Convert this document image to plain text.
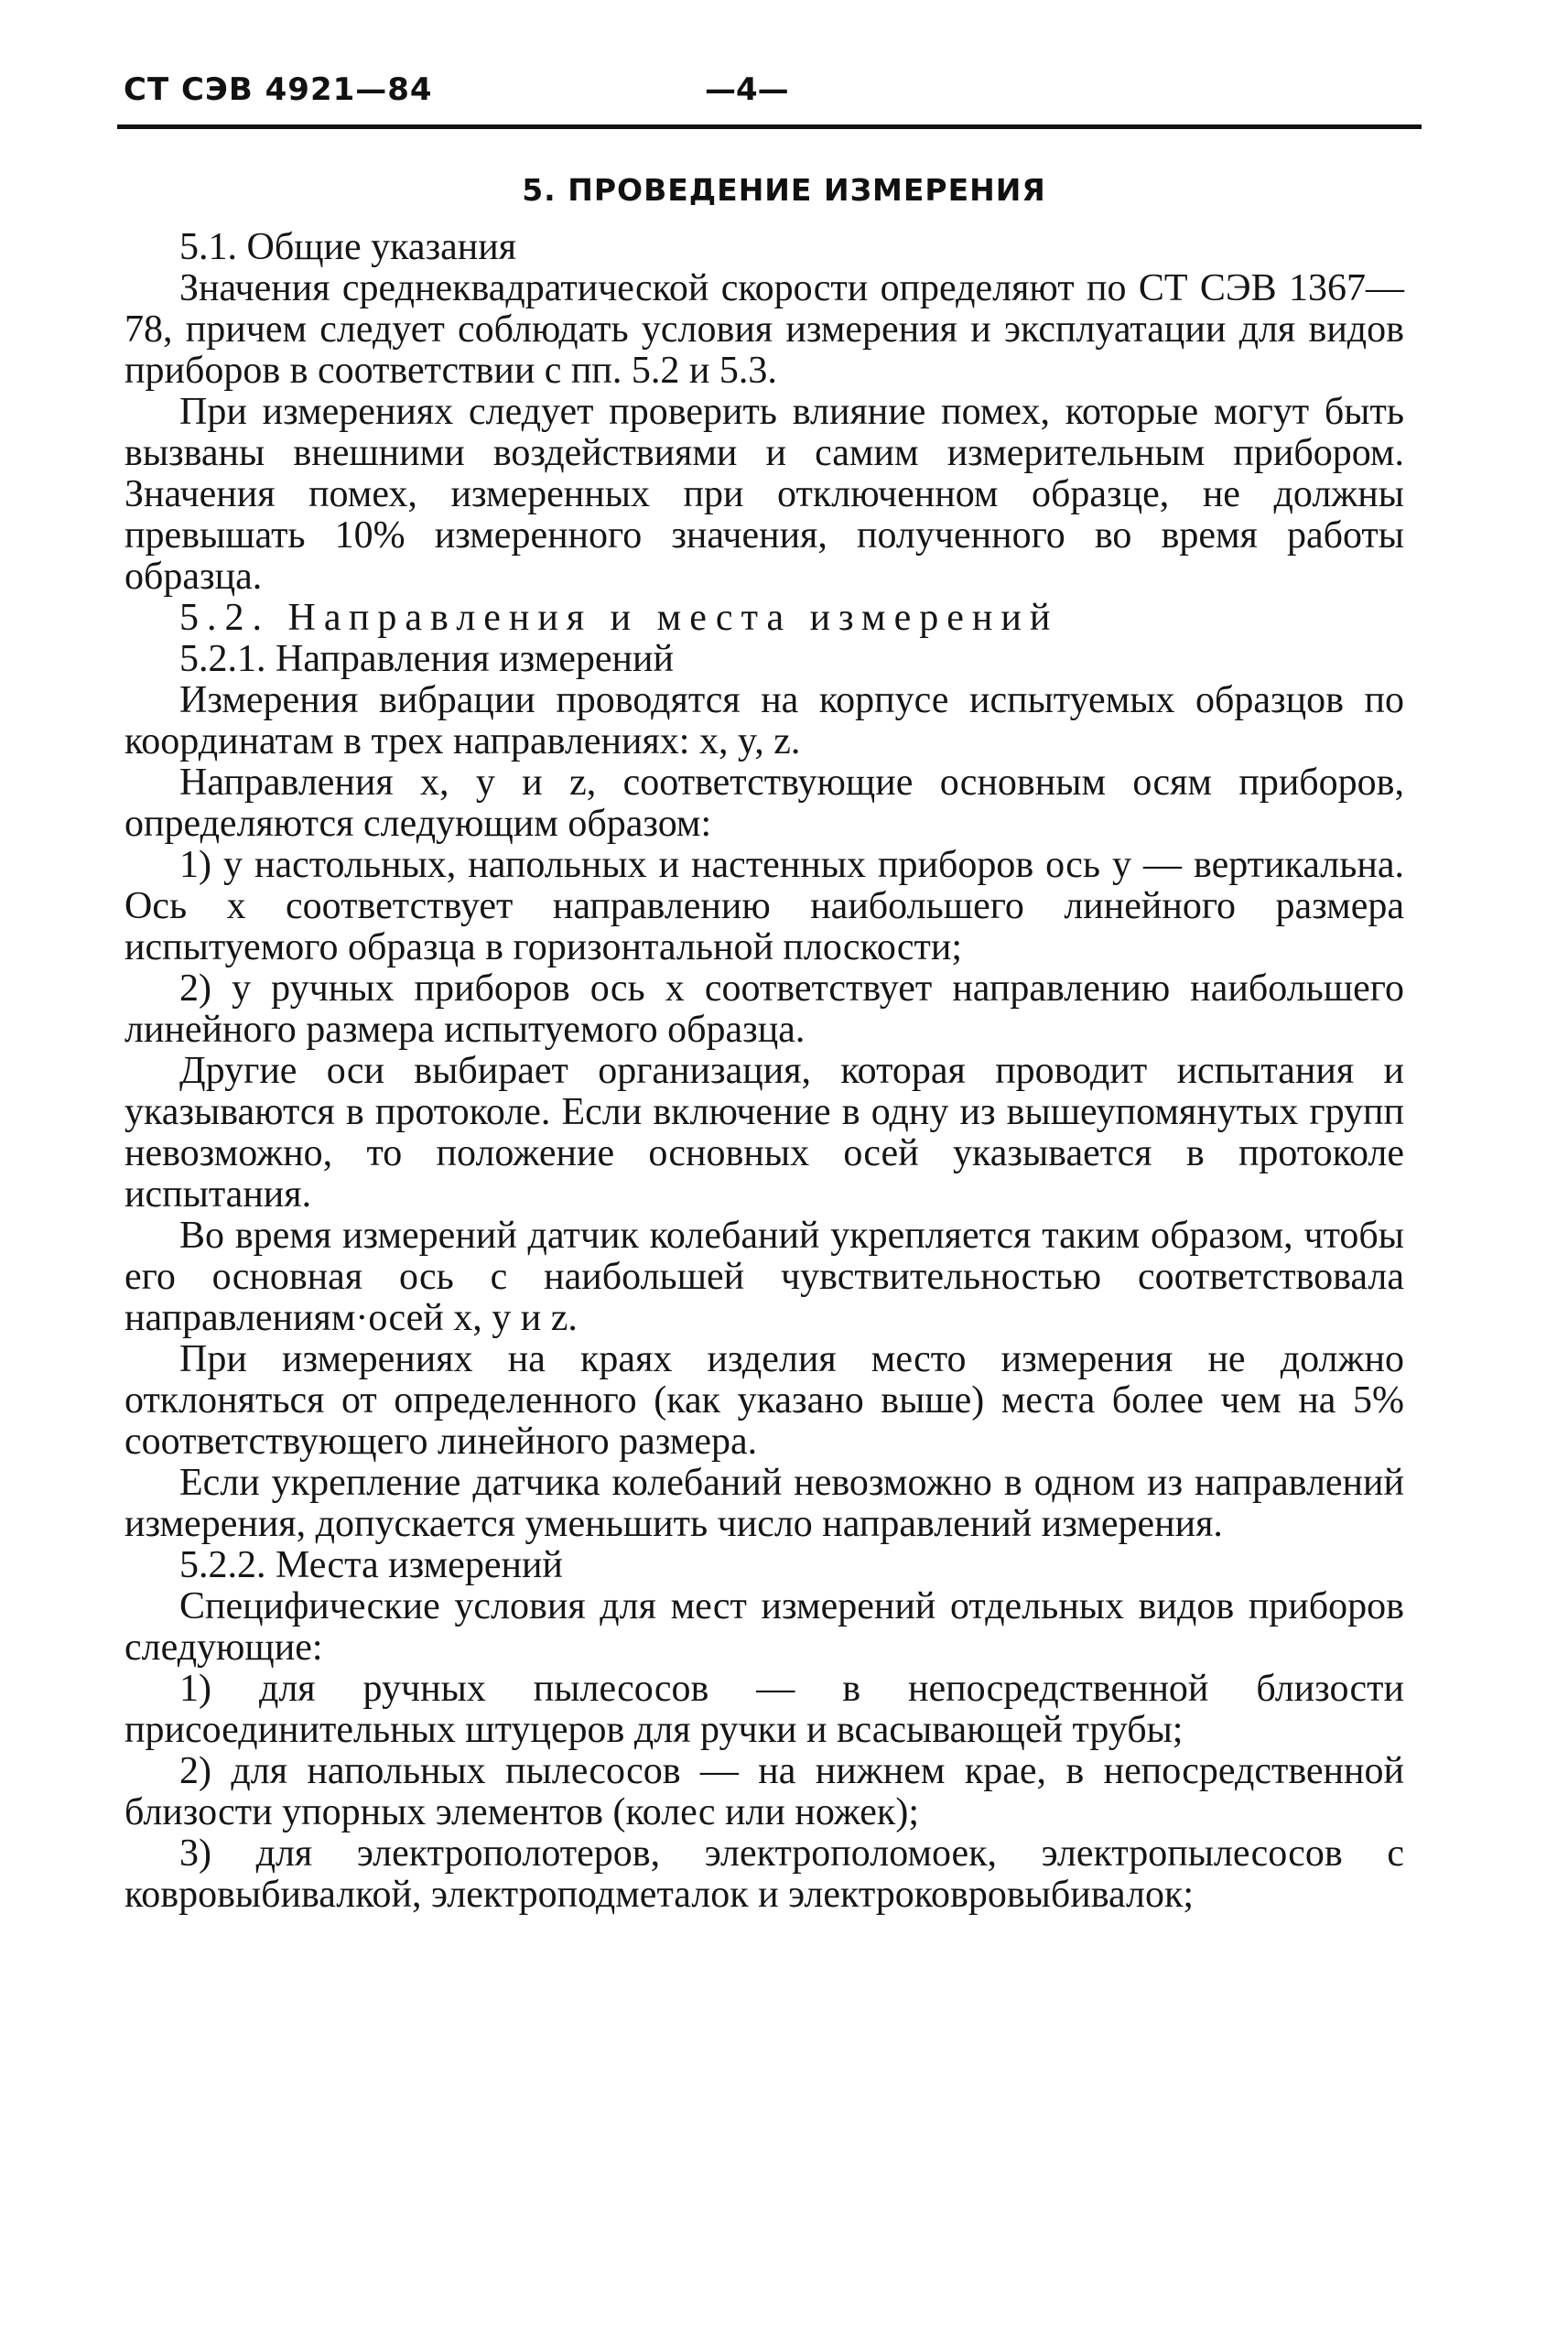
СТ СЭВ 4921—84	—4—
5. ПРОВЕДЕНИЕ ИЗМЕРЕНИЯ

5.1. Общие указания

Значения среднеквадратической скорости определяют по СТ СЭВ 1367—78, причем следует соблюдать условия измерения и эксплуатации для видов приборов в соответствии с пп. 5.2 и 5.3.

При измерениях следует проверить влияние помех, которые могут быть вызваны внешними воздействиями и самим измерительным прибором. Значения помех, измеренных при отключенном образце, не должны превышать 10% измеренного значения, полученного во время работы образца.

5.2. Направления и места измерений

5.2.1. Направления измерений

Измерения вибрации проводятся на корпусе испытуемых образцов по координатам в трех направлениях: x, y, z.

Направления x, y и z, соответствующие основным осям приборов, определяются следующим образом:

1) у настольных, напольных и настенных приборов ось y — вертикальна. Ось x соответствует направлению наибольшего линейного размера испытуемого образца в горизонтальной плоскости;

2) у ручных приборов ось x соответствует направлению наибольшего линейного размера испытуемого образца.

Другие оси выбирает организация, которая проводит испытания и указываются в протоколе. Если включение в одну из вышеупомянутых групп невозможно, то положение основных осей указывается в протоколе испытания.

Во время измерений датчик колебаний укрепляется таким образом, чтобы его основная ось с наибольшей чувствительностью соответствовала направлениям·осей x, y и z.

При измерениях на краях изделия место измерения не должно отклоняться от определенного (как указано выше) места более чем на 5% соответствующего линейного размера.

Если укрепление датчика колебаний невозможно в одном из направлений измерения, допускается уменьшить число направлений измерения.

5.2.2. Места измерений

Специфические условия для мест измерений отдельных видов приборов следующие:

1) для ручных пылесосов — в непосредственной близости присоединительных штуцеров для ручки и всасывающей трубы;

2) для напольных пылесосов — на нижнем крае, в непосредственной близости упорных элементов (колес или ножек);

3) для электрополотеров, электрополомоек, электропылесосов с ковровыбивалкой, электроподметалок и электроковровыбивалок;
